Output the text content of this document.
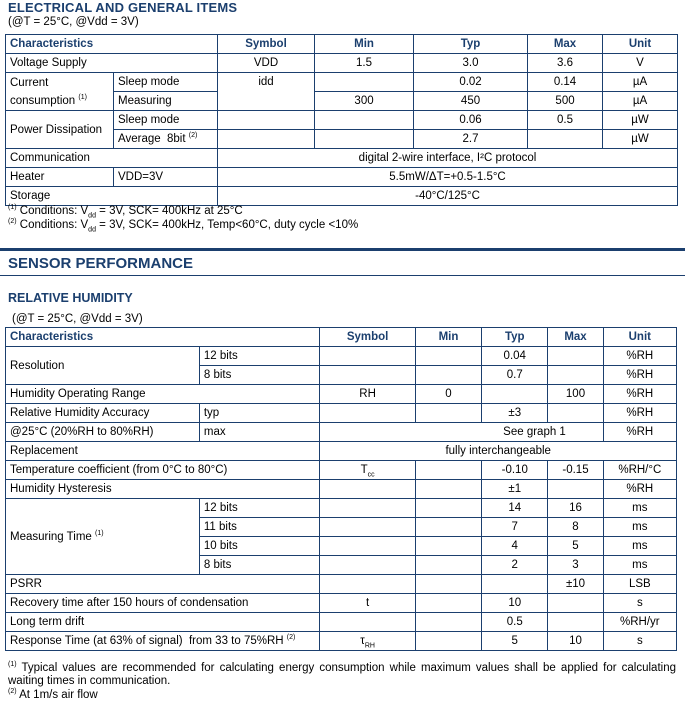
ELECTRICAL AND GENERAL ITEMS
(@T = 25°C, @Vdd = 3V)
Characteristics		Symbol	Min	Typ	Max	Unit
Voltage Supply		VDD	1.5	3.0	3.6	V
Current
consumption $^{(1)}$	Sleep mode	idd		0.02	0.14	µA
	Measuring		300	450	500	µA
Power Dissipation	Sleep mode			0.06	0.5	µW
	Average  8bit $^{(2)}$			2.7		µW
Communication		digital 2-wire interface, I²C protocol				
Heater	VDD=3V	5.5mW/ΔT=+0.5-1.5°C				
Storage		-40°C/125°C				
$^{(1)}$ Conditions: $V_{dd} = 3V$, SCK= 400kHz at 25°C
$^{(2)}$ Conditions: $V_{dd} = 3V$, SCK= 400kHz, Temp<60°C, duty cycle <10%
SENSOR PERFORMANCE
RELATIVE HUMIDITY
(@T = 25°C, @Vdd = 3V)
Characteristics		Symbol	Min	Typ	Max	Unit
Resolution	12 bits			0.04		%RH
	8 bits			0.7		%RH
Humidity Operating Range		RH	0		100	%RH
Relative Humidity Accuracy	typ			±3		%RH
@25°C (20%RH to 80%RH)	max	See graph 1				%RH
Replacement		fully interchangeable				
Temperature coefficient (from 0°C to 80°C)		$T_{cc}$		-0.10	-0.15	%RH/°C
Humidity Hysteresis				±1		%RH
Measuring Time $^{(1)}$	12 bits			14	16	ms
	11 bits			7	8	ms
	10 bits			4	5	ms
	8 bits			2	3	ms
PSRR					±10	LSB
Recovery time after 150 hours of condensation		t		10		s
Long term drift				0.5		%RH/yr
Response Time (at 63% of signal)  from 33 to 75%RH $^{(2)}$		$\tau_{RH}$		5	10	s
$^{(1)}$ Typical values are recommended for calculating energy consumption while maximum values shall be applied for calculating waiting times in communication.
$^{(2)}$ At 1m/s air flow
